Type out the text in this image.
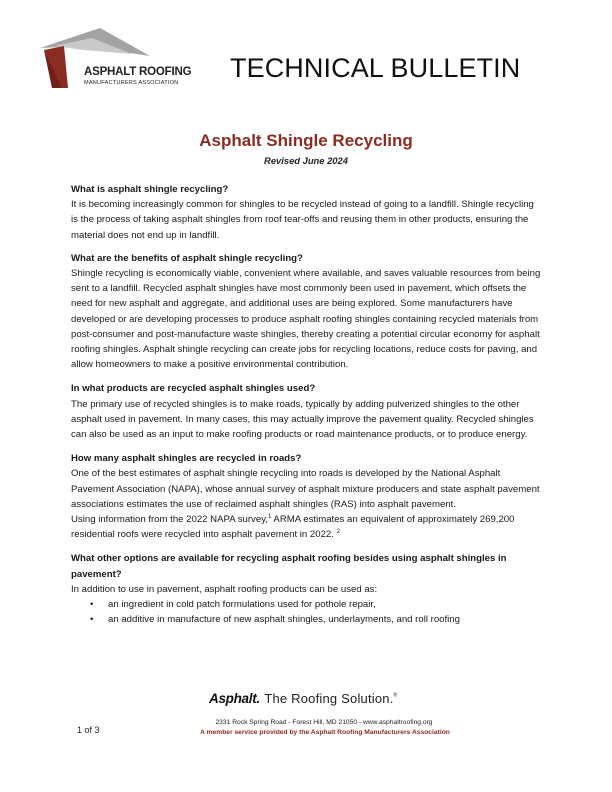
ASPHALT ROOFING
MANUFACTURERS ASSOCIATION TECHNICAL BULLETIN
Asphalt Shingle Recycling
Revised June 2024

What is asphalt shingle recycling?

It is becoming increasingly common for shingles to be recycled instead of going to a landfill. Shingle recycling is the process of taking asphalt shingles from roof tear-offs and reusing them in other products, ensuring the material does not end up in landfill.

What are the benefits of asphalt shingle recycling?

Shingle recycling is economically viable, convenient where available, and saves valuable resources from being sent to a landfill. Recycled asphalt shingles have most commonly been used in pavement, which offsets the need for new asphalt and aggregate, and additional uses are being explored. Some manufacturers have developed or are developing processes to produce asphalt roofing shingles containing recycled materials from post-consumer and post-manufacture waste shingles, thereby creating a potential circular economy for asphalt roofing shingles. Asphalt shingle recycling can create jobs for recycling locations, reduce costs for paving, and allow homeowners to make a positive environmental contribution.

In what products are recycled asphalt shingles used?

The primary use of recycled shingles is to make roads, typically by adding pulverized shingles to the other asphalt used in pavement. In many cases, this may actually improve the pavement quality. Recycled shingles can also be used as an input to make roofing products or road maintenance products, or to produce energy.

How many asphalt shingles are recycled in roads?

One of the best estimates of asphalt shingle recycling into roads is developed by the National Asphalt Pavement Association (NAPA), whose annual survey of asphalt mixture producers and state asphalt pavement associations estimates the use of reclaimed asphalt shingles (RAS) into asphalt pavement.

Using information from the 2022 NAPA survey,$^1$ ARMA estimates an equivalent of approximately 269,200 residential roofs were recycled into asphalt pavement in 2022. $^2$

What other options are available for recycling asphalt roofing besides using asphalt shingles in pavement?

In addition to use in pavement, asphalt roofing products can be used as:

• an ingredient in cold patch formulations used for pothole repair,
• an additive in manufacture of new asphalt shingles, underlayments, and roll roofing
Asphalt. The Roofing Solution.®
2331 Rock Spring Road - Forest Hill, MD 21050 - www.asphaltroofing.org
A member service provided by the Asphalt Roofing Manufacturers Association
1 of 3
